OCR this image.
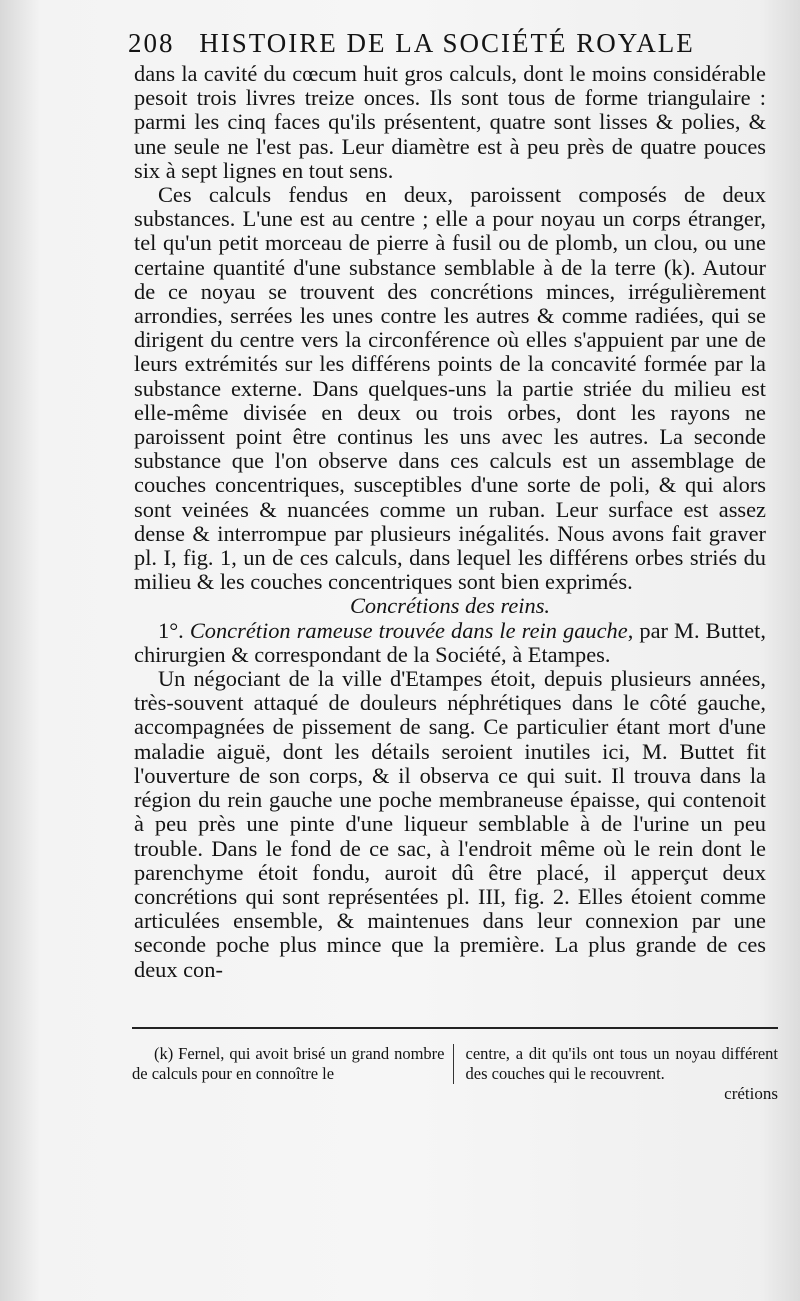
208 HISTOIRE DE LA SOCIÉTÉ ROYALE

dans la cavité du cœcum huit gros calculs, dont le moins considérable pesoit trois livres treize onces. Ils sont tous de forme triangulaire : parmi les cinq faces qu'ils présentent, quatre sont lisses & polies, & une seule ne l'est pas. Leur diamètre est à peu près de quatre pouces six à sept lignes en tout sens.

Ces calculs fendus en deux, paroissent composés de deux substances. L'une est au centre ; elle a pour noyau un corps étranger, tel qu'un petit morceau de pierre à fusil ou de plomb, un clou, ou une certaine quantité d'une substance semblable à de la terre (k). Autour de ce noyau se trouvent des concrétions minces, irrégulièrement arrondies, serrées les unes contre les autres & comme radiées, qui se dirigent du centre vers la circonférence où elles s'appuient par une de leurs extrémités sur les différens points de la concavité formée par la substance externe. Dans quelques-uns la partie striée du milieu est elle-même divisée en deux ou trois orbes, dont les rayons ne paroissent point être continus les uns avec les autres. La seconde substance que l'on observe dans ces calculs est un assemblage de couches concentriques, susceptibles d'une sorte de poli, & qui alors sont veinées & nuancées comme un ruban. Leur surface est assez dense & interrompue par plusieurs inégalités. Nous avons fait graver pl. I, fig. 1, un de ces calculs, dans lequel les différens orbes striés du milieu & les couches concentriques sont bien exprimés.

Concrétions des reins.

1°. Concrétion rameuse trouvée dans le rein gauche, par M. Buttet, chirurgien & correspondant de la Société, à Etampes.

Un négociant de la ville d'Etampes étoit, depuis plusieurs années, très-souvent attaqué de douleurs néphrétiques dans le côté gauche, accompagnées de pissement de sang. Ce particulier étant mort d'une maladie aiguë, dont les détails seroient inutiles ici, M. Buttet fit l'ouverture de son corps, & il observa ce qui suit. Il trouva dans la région du rein gauche une poche membraneuse épaisse, qui contenoit à peu près une pinte d'une liqueur semblable à de l'urine un peu trouble. Dans le fond de ce sac, à l'endroit même où le rein dont le parenchyme étoit fondu, auroit dû être placé, il apperçut deux concrétions qui sont représentées pl. III, fig. 2. Elles étoient comme articulées ensemble, & maintenues dans leur connexion par une seconde poche plus mince que la première. La plus grande de ces deux con-

(k) Fernel, qui avoit brisé un grand nombre de calculs pour en connoître le
centre, a dit qu'ils ont tous un noyau différent des couches qui le recouvrent.
crétions
